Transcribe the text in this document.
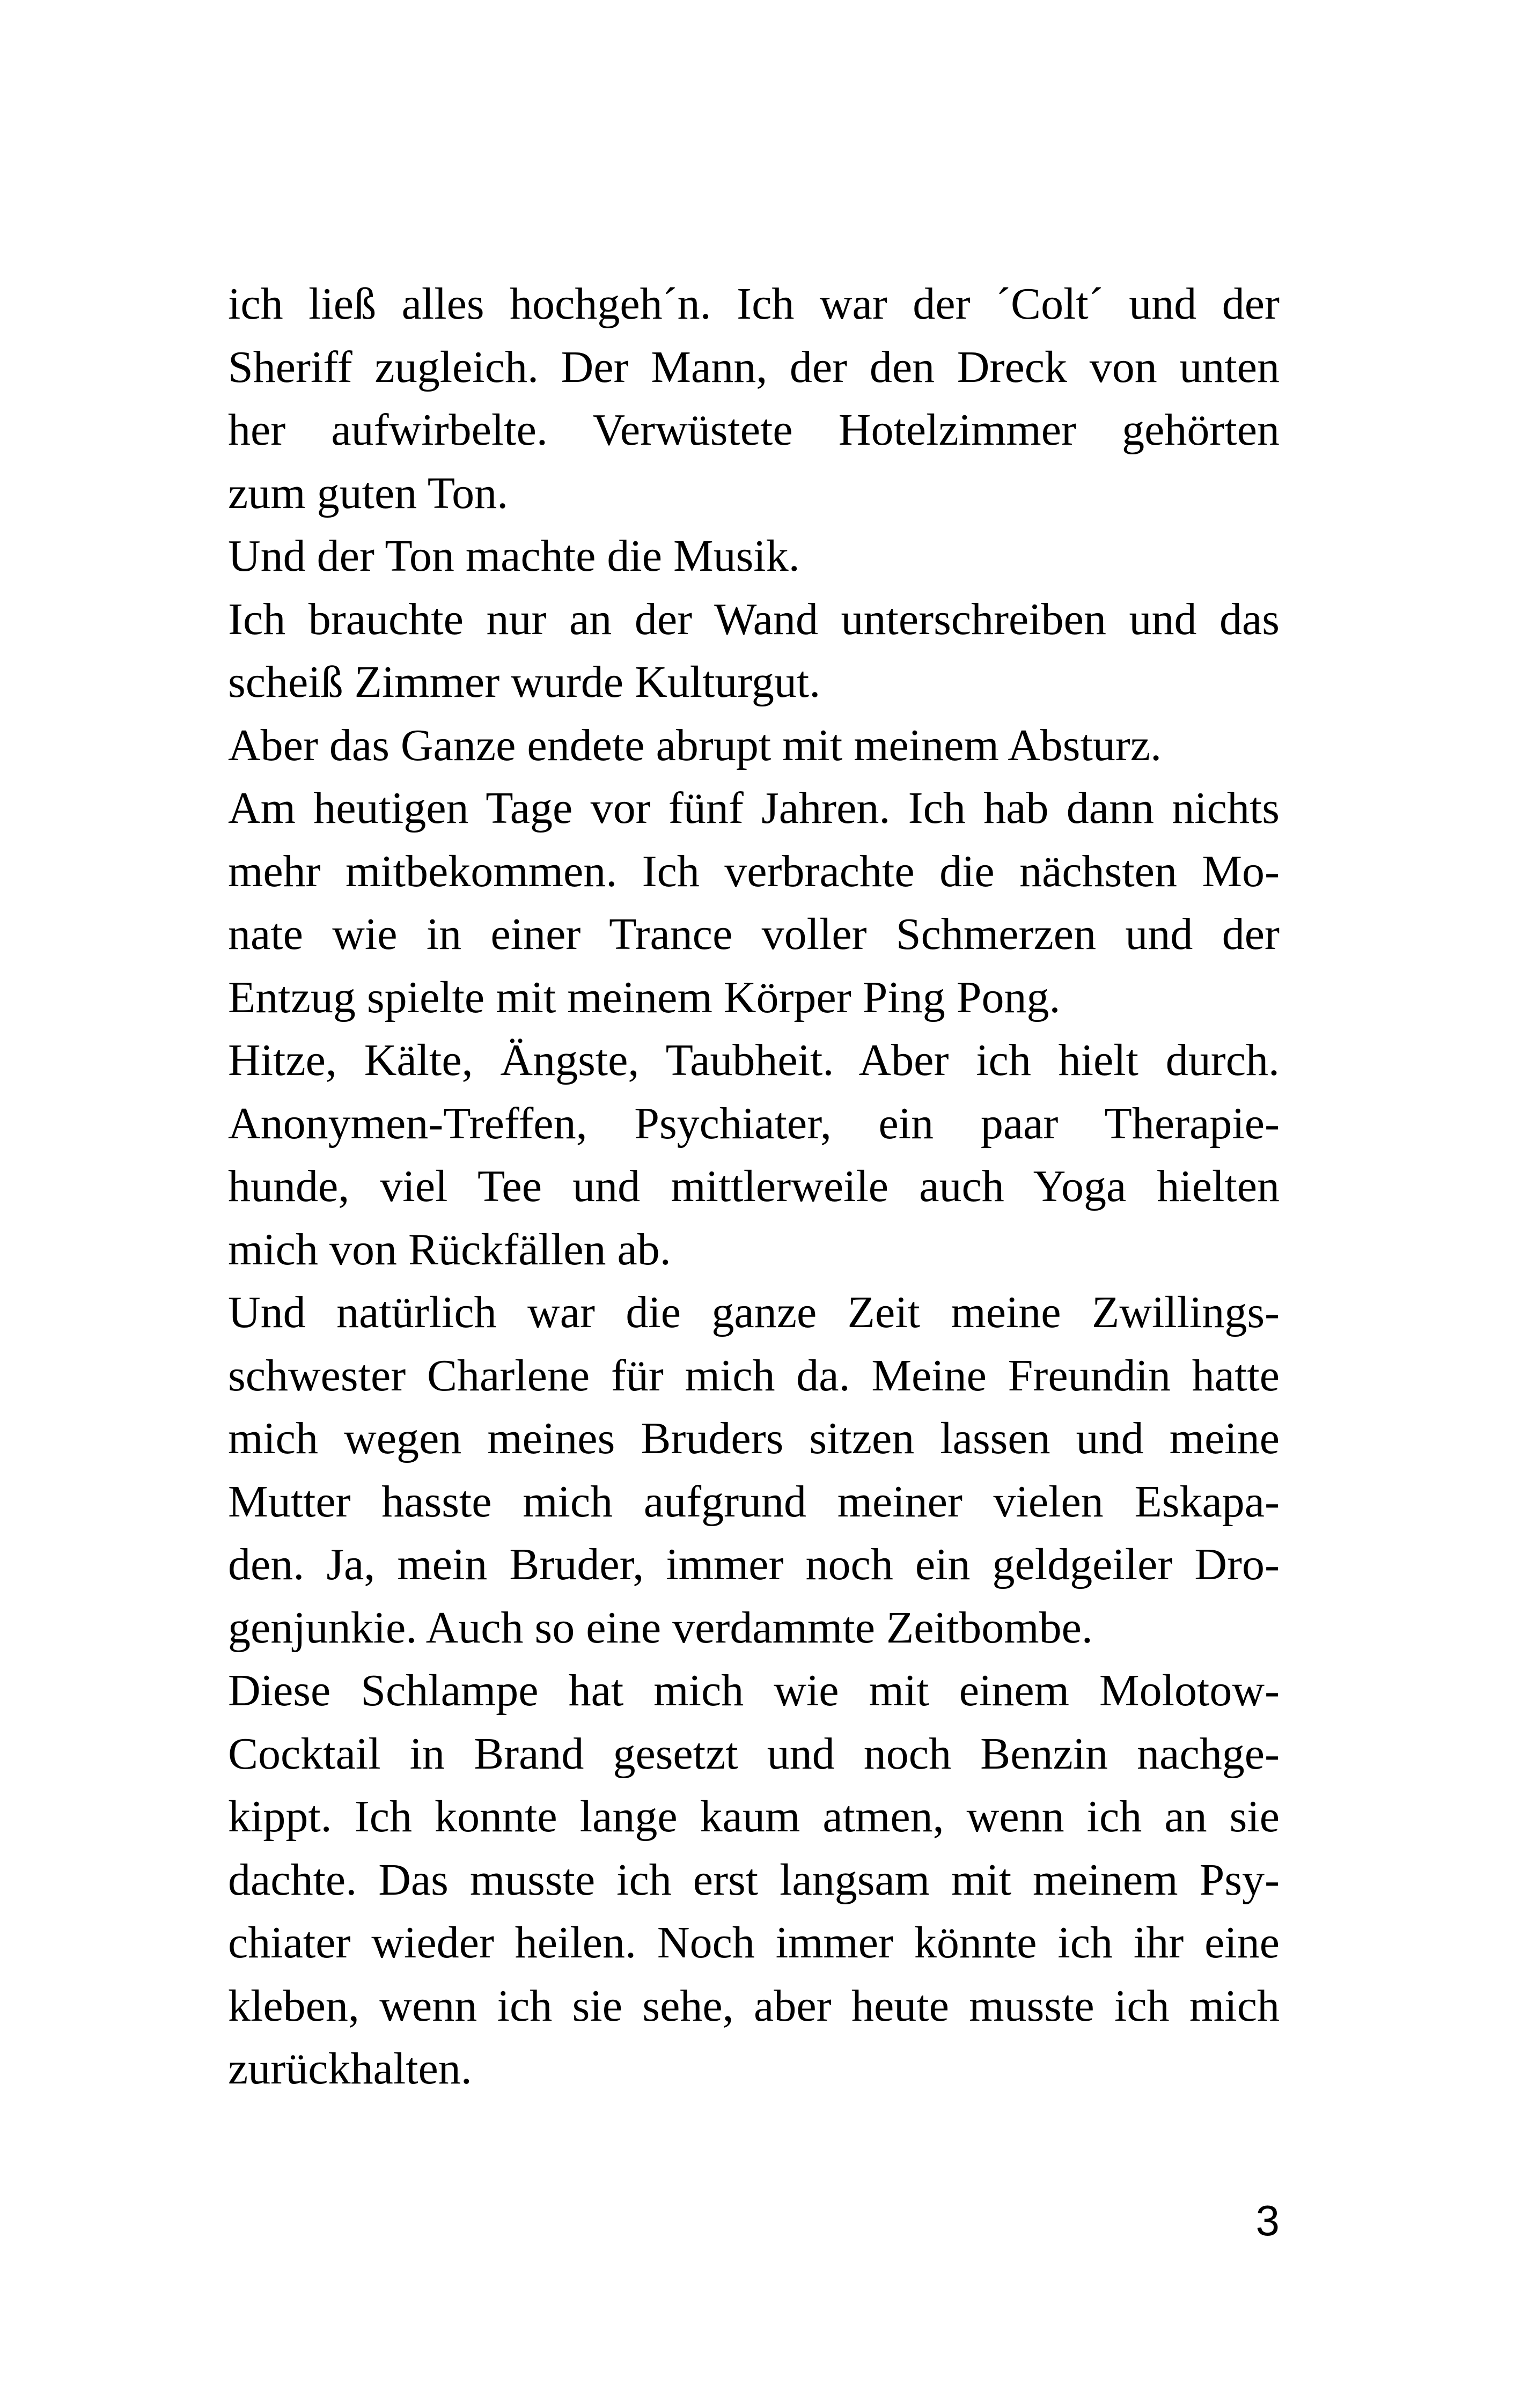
ich ließ alles hochgeh´n. Ich war der ´Colt´ und der
Sheriff zugleich. Der Mann, der den Dreck von unten
her aufwirbelte. Verwüstete Hotelzimmer gehörten
zum guten Ton.
Und der Ton machte die Musik.
Ich brauchte nur an der Wand unterschreiben und das
scheiß Zimmer wurde Kulturgut.
Aber das Ganze endete abrupt mit meinem Absturz.
Am heutigen Tage vor fünf Jahren. Ich hab dann nichts
mehr mitbekommen. Ich verbrachte die nächsten Mo-
nate wie in einer Trance voller Schmerzen und der
Entzug spielte mit meinem Körper Ping Pong.
Hitze, Kälte, Ängste, Taubheit. Aber ich hielt durch.
Anonymen-Treffen, Psychiater, ein paar Therapie-
hunde, viel Tee und mittlerweile auch Yoga hielten
mich von Rückfällen ab.
Und natürlich war die ganze Zeit meine Zwillings-
schwester Charlene für mich da. Meine Freundin hatte
mich wegen meines Bruders sitzen lassen und meine
Mutter hasste mich aufgrund meiner vielen Eskapa-
den. Ja, mein Bruder, immer noch ein geldgeiler Dro-
genjunkie. Auch so eine verdammte Zeitbombe.
Diese Schlampe hat mich wie mit einem Molotow-
Cocktail in Brand gesetzt und noch Benzin nachge-
kippt. Ich konnte lange kaum atmen, wenn ich an sie
dachte. Das musste ich erst langsam mit meinem Psy-
chiater wieder heilen. Noch immer könnte ich ihr eine
kleben, wenn ich sie sehe, aber heute musste ich mich
zurückhalten.
3
